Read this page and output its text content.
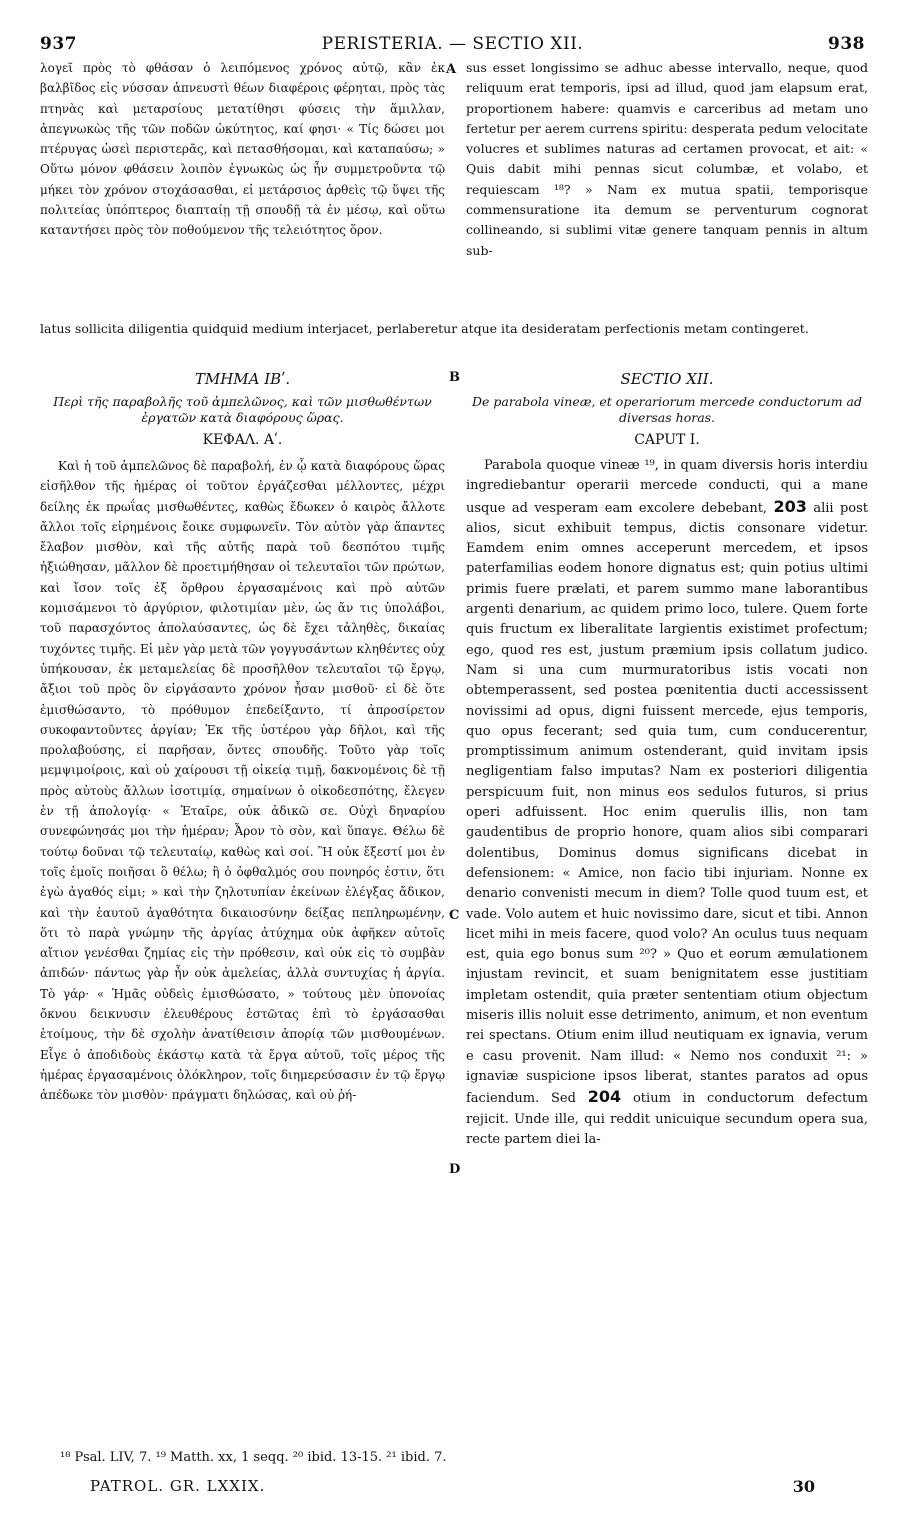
937	PERISTERIA. — SECTIO XII.	938
λογεῖ πρὸς τὸ φθάσαν ὁ λειπόμενος χρόνος αὐτῷ, κἂν ἐκ βαλβῖδος εἰς νύσσαν ἀπνευστὶ θέων διαφέροις φέρηται, πρὸς τὰς πτηνὰς καὶ μεταρσίους μετατίθησι φύσεις τὴν ἅμιλλαν, ἀπεγνωκὼς τῆς τῶν ποδῶν ὠκύτητος, καί φησι· « Τίς δώσει μοι πτέρυγας ὡσεὶ περιστερᾶς, καὶ πετασθήσομαι, καὶ καταπαύσω; » Οὕτω μόνον φθάσειν λοιπὸν ἐγνωκὼς ὡς ἦν συμμετροῦντα τῷ μήκει τὸν χρόνον στοχάσασθαι, εἰ μετάρσιος ἀρθεὶς τῷ ὕψει τῆς πολιτείας ὑπόπτερος διαπταίῃ τῇ σπουδῇ τὰ ἐν μέσῳ, καὶ οὕτω καταντήσει πρὸς τὸν ποθούμενον τῆς τελειότητος ὅρον.
A sus esset longissimo se adhuc abesse intervallo, neque, quod reliquum erat temporis, ipsi ad illud, quod jam elapsum erat, proportionem habere: quamvis e carceribus ad metam uno fertetur per aerem currens spiritu: desperata pedum velocitate volucres et sublimes naturas ad certamen provocat, et ait: « Quis dabit mihi pennas sicut columbæ, et volabo, et requiescam ¹⁸? » Nam ex mutua spatii, temporisque commensuratione ita demum se perventurum cognorat collineando, si sublimi vitæ genere tanquam pennis in altum sub-
latus sollicita diligentia quidquid medium interjacet, perlaberetur atque ita desideratam perfectionis metam contingeret.
B
ΤΜΗΜΑ ΙΒʹ.
Περὶ τῆς παραβολῆς τοῦ ἀμπελῶνος, καὶ τῶν μισθωθέντων ἐργατῶν κατὰ διαφόρους ὥρας.
ΚΕΦΑΛ. Αʹ.

Καὶ ἡ τοῦ ἀμπελῶνος δὲ παραβολή, ἐν ᾧ κατὰ διαφόρους ὥρας εἰσῆλθον τῆς ἡμέρας οἱ τοῦτον ἐργάζεσθαι μέλλοντες, μέχρι δείλης ἐκ πρωΐας μισθωθέντες, καθὼς ἔδωκεν ὁ καιρὸς ἄλλοτε ἄλλοι τοῖς εἰρημένοις ἔοικε συμφωνεῖν. Τὸν αὐτὸν γὰρ ἅπαντες ἔλαβον μισθὸν, καὶ τῆς αὐτῆς παρὰ τοῦ δεσπότου τιμῆς ἠξιώθησαν, μᾶλλον δὲ προετιμήθησαν οἱ τελευταῖοι τῶν πρώτων, καὶ ἴσον τοῖς ἐξ ὄρθρου ἐργασαμένοις καὶ πρὸ αὐτῶν κομισάμενοι τὸ ἀργύριον, φιλοτιμίαν μὲν, ὡς ἄν τις ὑπολάβοι, τοῦ παρασχόντος ἀπολαύσαντες, ὡς δὲ ἔχει τἀληθὲς, δικαίας τυχόντες τιμῆς. Εἰ μὲν γὰρ μετὰ τῶν γογγυσάντων κληθέντες οὐχ ὑπήκουσαν, ἐκ μεταμελείας δὲ προσῆλθον τελευταῖοι τῷ ἔργῳ, ἄξιοι τοῦ πρὸς ὃν εἰργάσαντο χρόνον ἦσαν μισθοῦ· εἰ δὲ ὅτε ἐμισθώσαντο, τὸ πρόθυμον ἐπεδείξαντο, τί ἀπροσίρετον συκοφαντοῦντες ἀργίαν; Ἐκ τῆς ὑστέρου γὰρ δῆλοι, καὶ τῆς προλαβούσης, εἰ παρῆσαν, ὄντες σπουδῆς. Τοῦτο γὰρ τοῖς μεμψιμοίροις, καὶ οὐ χαίρουσι τῇ οἰκείᾳ τιμῇ, δακνομένοις δὲ τῇ πρὸς αὐτοὺς ἄλλων ἰσοτιμίᾳ, σημαίνων ὁ οἰκοδεσπότης, ἔλεγεν ἐν τῇ ἀπολογίᾳ· « Ἑταῖρε, οὐκ ἀδικῶ σε. Οὐχὶ δηναρίου συνεφώνησάς μοι τὴν ἡμέραν; Ἆρον τὸ σὸν, καὶ ὕπαγε. Θέλω δὲ τούτῳ δοῦναι τῷ τελευταίῳ, καθὼς καὶ σοί. Ἢ οὐκ ἔξεστί μοι ἐν τοῖς ἐμοῖς ποιῆσαι ὃ θέλω; ἢ ὁ ὀφθαλμός σου πονηρός ἐστιν, ὅτι ἐγὼ ἀγαθός εἰμι; » καὶ τὴν ζηλοτυπίαν ἐκείνων ἐλέγξας ἄδικον, καὶ τὴν ἑαυτοῦ ἀγαθότητα δικαιοσύνην δείξας πεπληρωμένην, ὅτι τὸ παρὰ γνώμην τῆς ἀργίας ἀτύχημα οὐκ ἀφῆκεν αὐτοῖς αἴτιον γενέσθαι ζημίας εἰς τὴν πρόθεσιν, καὶ οὐκ εἰς τὸ συμβὰν ἀπιδών· πάντως γὰρ ἦν οὐκ ἀμελείας, ἀλλὰ συντυχίας ἡ ἀργία. Τὸ γάρ· « Ἡμᾶς οὐδεὶς ἐμισθώσατο, » τούτους μὲν ὑπονοίας ὄκνου δεικνυσιν ἐλευθέρους ἑστῶτας ἐπὶ τὸ ἐργάσασθαι ἑτοίμους, τὴν δὲ σχολὴν ἀνατίθεισιν ἀπορίᾳ τῶν μισθουμένων. Εἶγε ὁ ἀποδιδοὺς ἑκάστῳ κατὰ τὰ ἔργα αὐτοῦ, τοῖς μέρος τῆς ἡμέρας ἐργασαμένοις ὁλόκληρον, τοῖς διημερεύσασιν ἐν τῷ ἔργῳ ἀπέδωκε τὸν μισθὸν· πράγματι δηλώσας, καὶ οὐ ῥή-

SECTIO XII.
De parabola vineæ, et operariorum mercede conductorum ad diversas horas.
CAPUT I.

Parabola quoque vineæ ¹⁹, in quam diversis horis interdiu ingrediebantur operarii mercede conducti, qui a mane usque ad vesperam eam excolere debebant, 203 alii post alios, sicut exhibuit tempus, dictis consonare videtur. Eamdem enim omnes acceperunt mercedem, et ipsos paterfamilias eodem honore dignatus est; quin potius ultimi primis fuere prælati, et parem summo mane laborantibus argenti denarium, ac quidem primo loco, tulere. Quem forte quis fructum ex liberalitate largientis existimet profectum; ego, quod res est, justum præmium ipsis collatum judico. Nam si una cum murmuratoribus istis vocati non obtemperassent, sed postea pœnitentia ducti accessissent novissimi ad opus, digni fuissent mercede, ejus temporis, quo opus fecerant; sed quia tum, cum conducerentur, promptissimum animum ostenderant, quid invitam ipsis negligentiam falso imputas? Nam ex posteriori diligentia perspicuum fuit, non minus eos sedulos futuros, si prius operi adfuissent. Hoc enim querulis illis, non tam gaudentibus de proprio honore, quam alios sibi comparari dolentibus, Dominus domus significans dicebat in defensionem: « Amice, non facio tibi injuriam. Nonne ex denario convenisti mecum in diem? Tolle quod tuum est, et vade. Volo autem et huic novissimo dare, sicut et tibi. Annon licet mihi in meis facere, quod volo? An oculus tuus nequam est, quia ego bonus sum ²⁰? » Quo et eorum æmulationem injustam revincit, et suam benignitatem esse justitiam impletam ostendit, quia præter sententiam otium objectum miseris illis noluit esse detrimento, animum, et non eventum rei spectans. Otium enim illud neutiquam ex ignavia, verum e casu provenit. Nam illud: « Nemo nos conduxit ²¹: » ignaviæ suspicione ipsos liberat, stantes paratos ad opus faciendum. Sed 204 otium in conductorum defectum rejicit. Unde ille, qui reddit unicuique secundum opera sua, recte partem diei la-

C
D
¹⁸ Psal. LIV, 7. ¹⁹ Matth. xx, 1 seqq. ²⁰ ibid. 13-15. ²¹ ibid. 7.
PATROL. GR. LXXIX.	30
